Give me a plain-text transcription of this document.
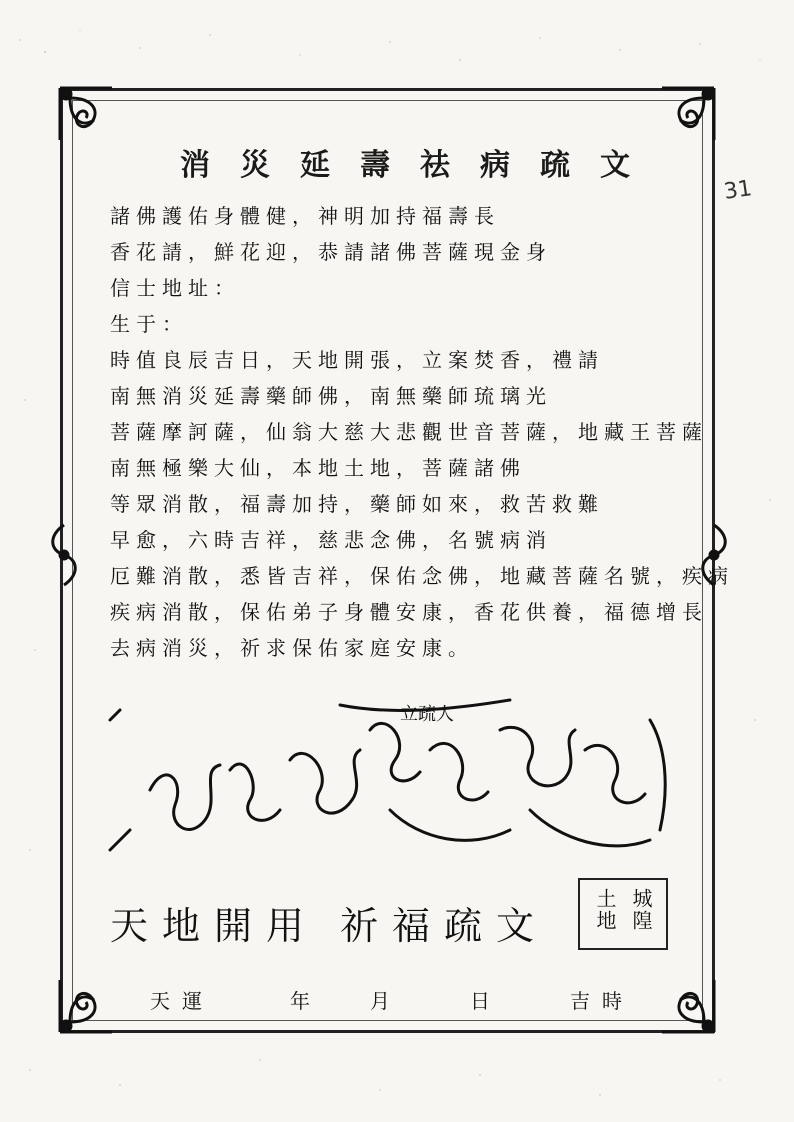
31
消災延壽祛病疏文
諸佛護佑身體健，神明加持福壽長
香花請，鮮花迎，恭請諸佛菩薩現金身
信士地址：
生于：
時值良辰吉日，天地開張，立案焚香，禮請
南無消災延壽藥師佛，南無藥師琉璃光
菩薩摩訶薩，仙翁大慈大悲觀世音菩薩，地藏王菩薩
南無極樂大仙，本地土地，菩薩諸佛
等眾消散，福壽加持，藥師如來，救苦救難
早愈，六時吉祥，慈悲念佛，名號病消
厄難消散，悉皆吉祥，保佑念佛，地藏菩薩名號，疾病
疾病消散，保佑弟子身體安康，香花供養，福德增長
去病消災，祈求保佑家庭安康。
立疏人
天地開用 祈福疏文
天運	年 月	日	吉時
城隍
土地
